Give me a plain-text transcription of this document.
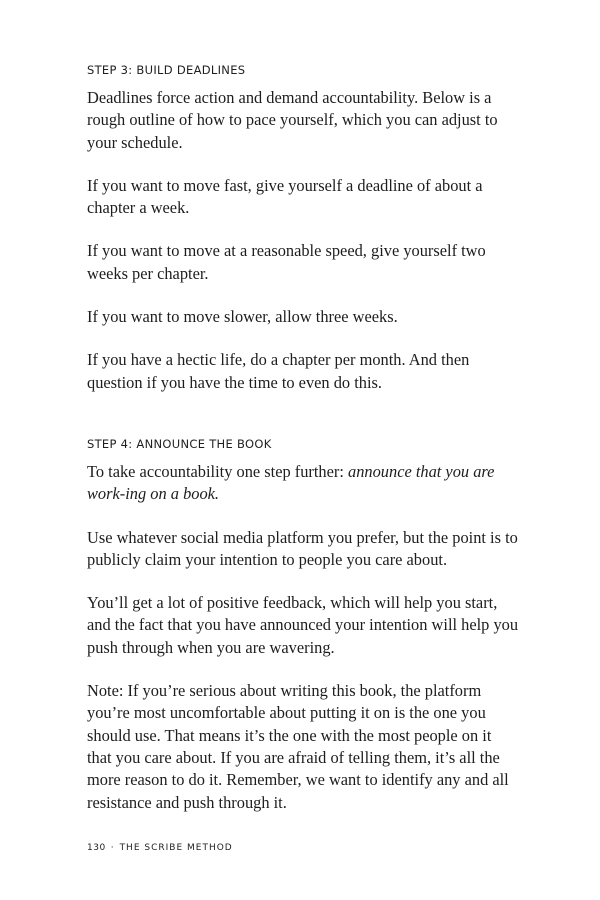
STEP 3: BUILD DEADLINES

Deadlines force action and demand accountability. Below is a rough outline of how to pace yourself, which you can adjust to your schedule.

If you want to move fast, give yourself a deadline of about a chapter a week.

If you want to move at a reasonable speed, give yourself two weeks per chapter.

If you want to move slower, allow three weeks.

If you have a hectic life, do a chapter per month. And then question if you have the time to even do this.

STEP 4: ANNOUNCE THE BOOK

To take accountability one step further: announce that you are work-ing on a book.

Use whatever social media platform you prefer, but the point is to publicly claim your intention to people you care about.

You’ll get a lot of positive feedback, which will help you start, and the fact that you have announced your intention will help you push through when you are wavering.

Note: If you’re serious about writing this book, the platform you’re most uncomfortable about putting it on is the one you should use. That means it’s the one with the most people on it that you care about. If you are afraid of telling them, it’s all the more reason to do it. Remember, we want to identify any and all resistance and push through it.

130 · THE SCRIBE METHOD
